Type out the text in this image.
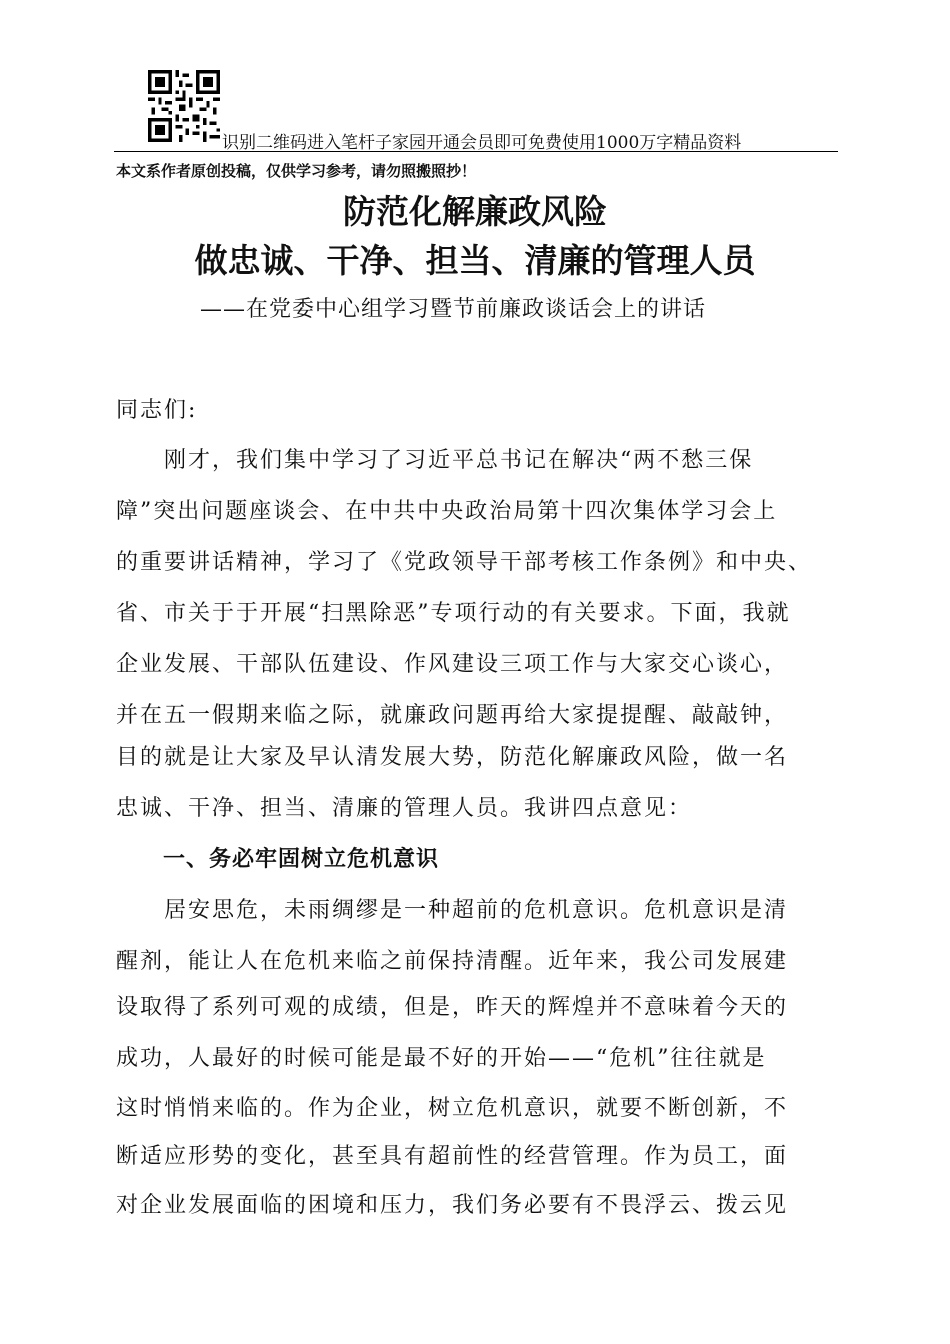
识别二维码进入笔杆子家园开通会员即可免费使用1000万字精品资料
本文系作者原创投稿，仅供学习参考，请勿照搬照抄！
防范化解廉政风险
做忠诚、干净、担当、清廉的管理人员
——在党委中心组学习暨节前廉政谈话会上的讲话
同志们:
　　刚才，我们集中学习了习近平总书记在解决“两不愁三保
障”突出问题座谈会、在中共中央政治局第十四次集体学习会上
的重要讲话精神，学习了《党政领导干部考核工作条例》和中央、
省、市关于于开展“扫黑除恶”专项行动的有关要求。下面，我就
企业发展、干部队伍建设、作风建设三项工作与大家交心谈心，
并在五一假期来临之际，就廉政问题再给大家提提醒、敲敲钟，
目的就是让大家及早认清发展大势，防范化解廉政风险，做一名
忠诚、干净、担当、清廉的管理人员。我讲四点意见：
一、务必牢固树立危机意识
　　居安思危，未雨绸缪是一种超前的危机意识。危机意识是清
醒剂，能让人在危机来临之前保持清醒。近年来，我公司发展建
设取得了系列可观的成绩，但是，昨天的辉煌并不意味着今天的
成功，人最好的时候可能是最不好的开始——“危机”往往就是
这时悄悄来临的。作为企业，树立危机意识，就要不断创新，不
断适应形势的变化，甚至具有超前性的经营管理。作为员工，面
对企业发展面临的困境和压力，我们务必要有不畏浮云、拨云见
